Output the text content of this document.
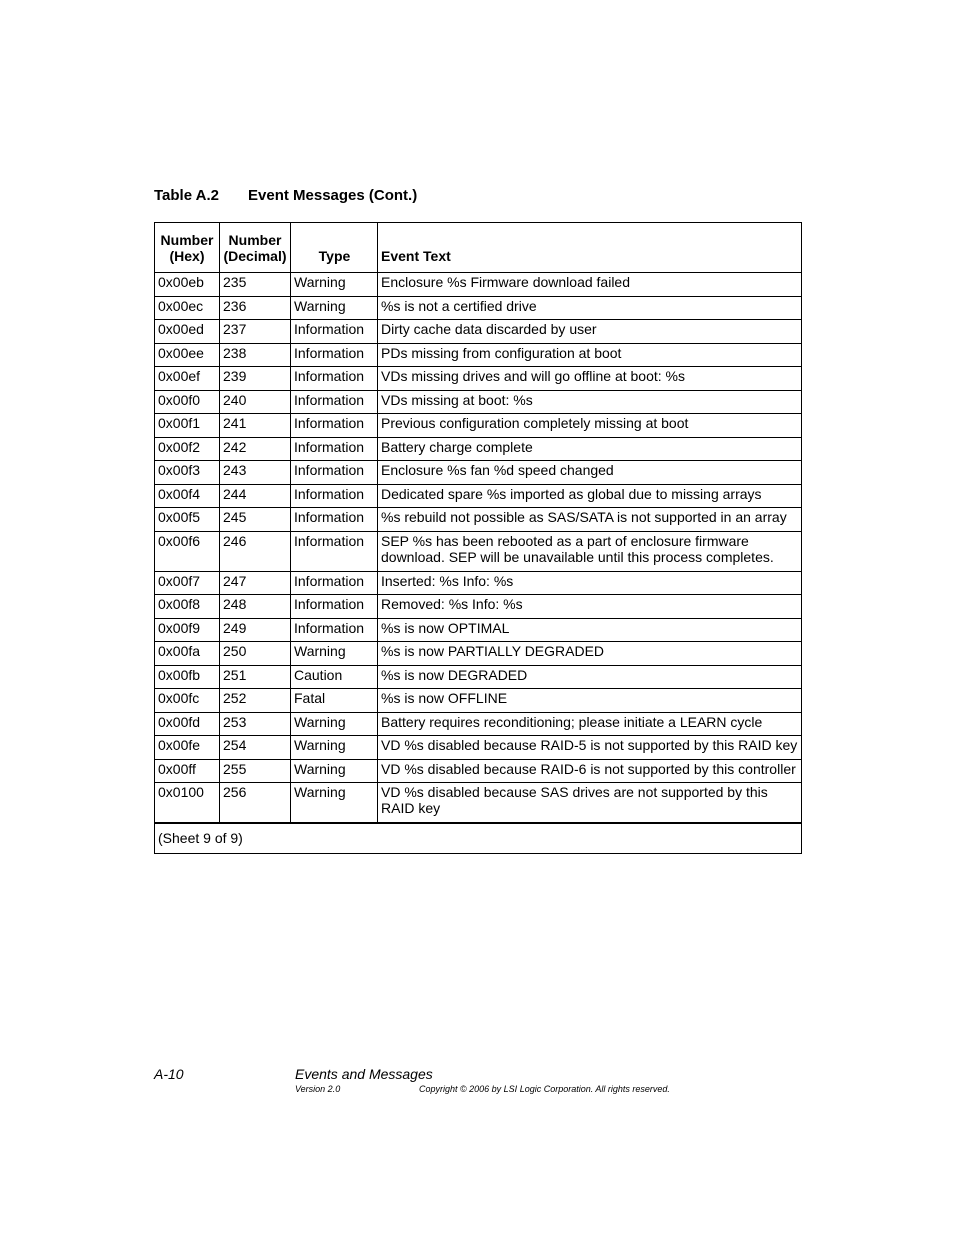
Table A.2 Event Messages (Cont.)
Number (Hex)	Number (Decimal)	Type	Event Text
0x00eb	235	Warning	Enclosure %s Firmware download failed
0x00ec	236	Warning	%s is not a certified drive
0x00ed	237	Information	Dirty cache data discarded by user
0x00ee	238	Information	PDs missing from configuration at boot
0x00ef	239	Information	VDs missing drives and will go offline at boot: %s
0x00f0	240	Information	VDs missing at boot: %s
0x00f1	241	Information	Previous configuration completely missing at boot
0x00f2	242	Information	Battery charge complete
0x00f3	243	Information	Enclosure %s fan %d speed changed
0x00f4	244	Information	Dedicated spare %s imported as global due to missing arrays
0x00f5	245	Information	%s rebuild not possible as SAS/SATA is not supported in an array
0x00f6	246	Information	SEP %s has been rebooted as a part of enclosure firmware download. SEP will be unavailable until this process completes.
0x00f7	247	Information	Inserted: %s Info: %s
0x00f8	248	Information	Removed: %s Info: %s
0x00f9	249	Information	%s is now OPTIMAL
0x00fa	250	Warning	%s is now PARTIALLY DEGRADED
0x00fb	251	Caution	%s is now DEGRADED
0x00fc	252	Fatal	%s is now OFFLINE
0x00fd	253	Warning	Battery requires reconditioning; please initiate a LEARN cycle
0x00fe	254	Warning	VD %s disabled because RAID-5 is not supported by this RAID key
0x00ff	255	Warning	VD %s disabled because RAID-6 is not supported by this controller
0x0100	256	Warning	VD %s disabled because SAS drives are not supported by this RAID key
(Sheet 9 of 9)			
A-10	Events and Messages
Version 2.0	Copyright © 2006 by LSI Logic Corporation. All rights reserved.
